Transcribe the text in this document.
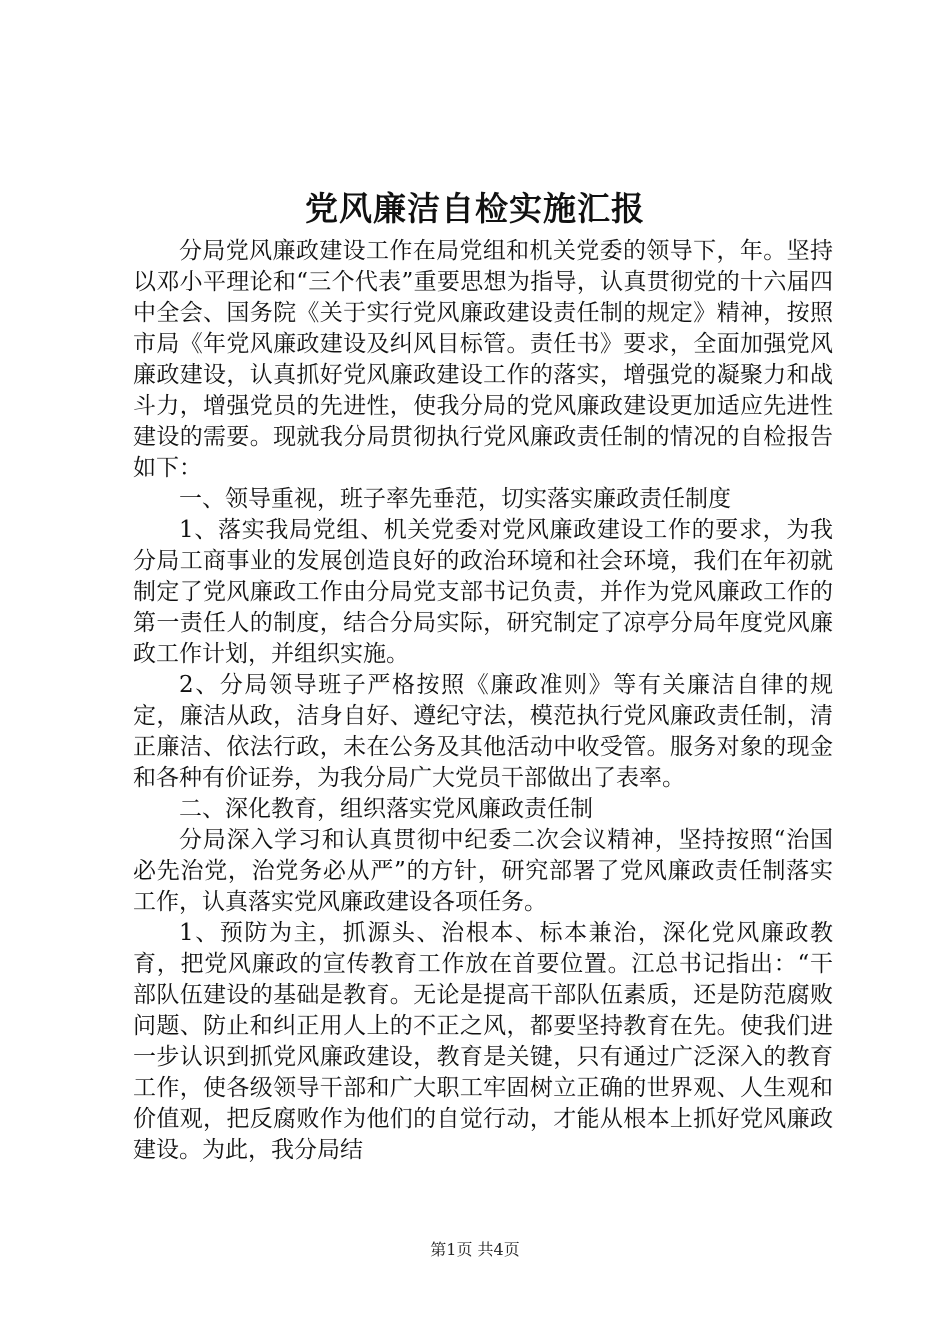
党风廉洁自检实施汇报

分局党风廉政建设工作在局党组和机关党委的领导下，年。坚持以邓小平理论和“三个代表”重要思想为指导，认真贯彻党的十六届四中全会、国务院《关于实行党风廉政建设责任制的规定》精神，按照市局《年党风廉政建设及纠风目标管。责任书》要求，全面加强党风廉政建设，认真抓好党风廉政建设工作的落实，增强党的凝聚力和战斗力，增强党员的先进性，使我分局的党风廉政建设更加适应先进性建设的需要。现就我分局贯彻执行党风廉政责任制的情况的自检报告如下：

一、领导重视，班子率先垂范，切实落实廉政责任制度

1、落实我局党组、机关党委对党风廉政建设工作的要求，为我分局工商事业的发展创造良好的政治环境和社会环境，我们在年初就制定了党风廉政工作由分局党支部书记负责，并作为党风廉政工作的第一责任人的制度，结合分局实际，研究制定了凉亭分局年度党风廉政工作计划，并组织实施。

2、分局领导班子严格按照《廉政准则》等有关廉洁自律的规定，廉洁从政，洁身自好、遵纪守法，模范执行党风廉政责任制，清正廉洁、依法行政，未在公务及其他活动中收受管。服务对象的现金和各种有价证券，为我分局广大党员干部做出了表率。

二、深化教育，组织落实党风廉政责任制

分局深入学习和认真贯彻中纪委二次会议精神，坚持按照“治国必先治党，治党务必从严”的方针，研究部署了党风廉政责任制落实工作，认真落实党风廉政建设各项任务。

1、预防为主，抓源头、治根本、标本兼治，深化党风廉政教育，把党风廉政的宣传教育工作放在首要位置。江总书记指出：“干部队伍建设的基础是教育。无论是提高干部队伍素质，还是防范腐败问题、防止和纠正用人上的不正之风，都要坚持教育在先。使我们进一步认识到抓党风廉政建设，教育是关键，只有通过广泛深入的教育工作，使各级领导干部和广大职工牢固树立正确的世界观、人生观和价值观，把反腐败作为他们的自觉行动，才能从根本上抓好党风廉政建设。为此，我分局结

第1页 共4页
